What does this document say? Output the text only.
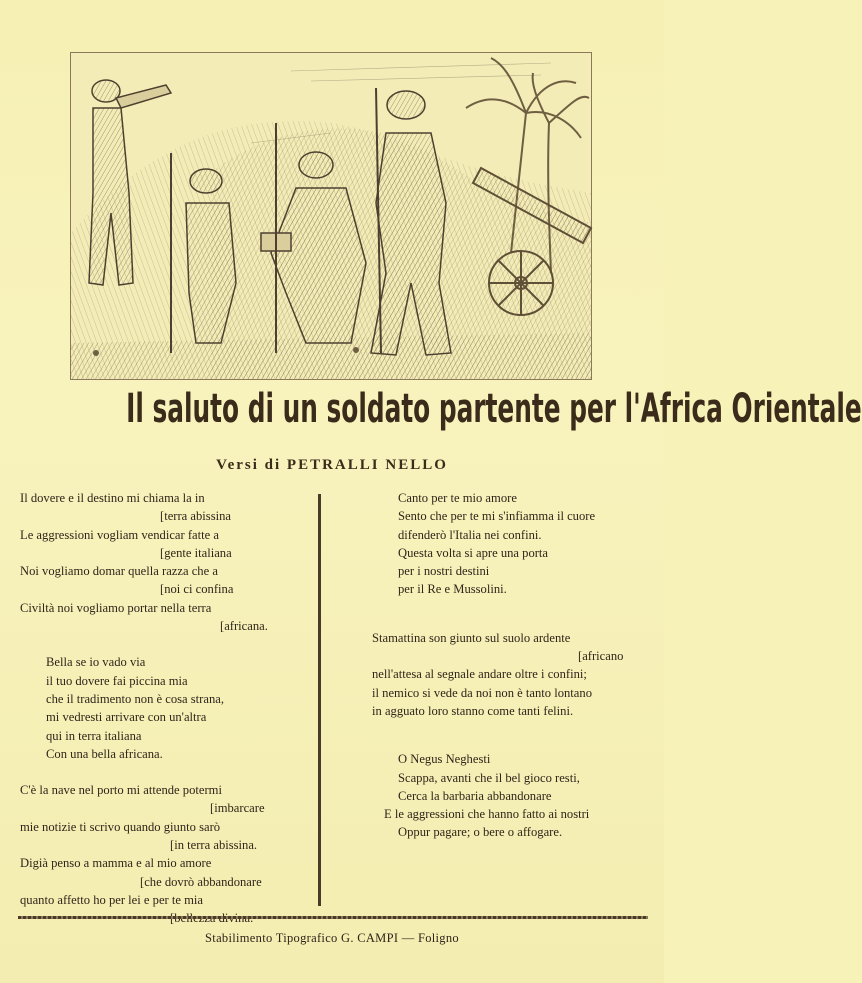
Il saluto di un soldato partente per l'Africa Orientale
Versi di PETRALLI NELLO
Il dovere e il destino mi chiama la in
[terra abissina
Le aggressioni vogliam vendicar fatte a
[gente italiana
Noi vogliamo domar quella razza che a
[noi ci confina
Civiltà noi vogliamo portar nella terra
[africana.
Bella se io vado via
il tuo dovere fai piccina mia
che il tradimento non è cosa strana,
mi vedresti arrivare con un'altra
qui in terra italiana
Con una bella africana.
C'è la nave nel porto mi attende potermi
[imbarcare
mie notizie ti scrivo quando giunto sarò
[in terra abissina.
Digià penso a mamma e al mio amore
[che dovrò abbandonare
quanto affetto ho per lei e per te mia
Canto per te mio amore
Sento che per te mi s'infiamma il cuore
difenderò l'Italia nei confini.
Questa volta si apre una porta
per i nostri destini
per il Re e Mussolini.
Stamattina son giunto sul suolo ardente
[africano
nell'attesa al segnale andare oltre i confini;
il nemico si vede da noi non è tanto lontano
in agguato loro stanno come tanti felini.
O Negus Neghesti
Scappa, avanti che il bel gioco resti,
Cerca la barbaria abbandonare
E le aggressioni che hanno fatto ai nostri
Oppur pagare; o bere o affogare.
Stabilimento Tipografico G. CAMPI — Foligno
